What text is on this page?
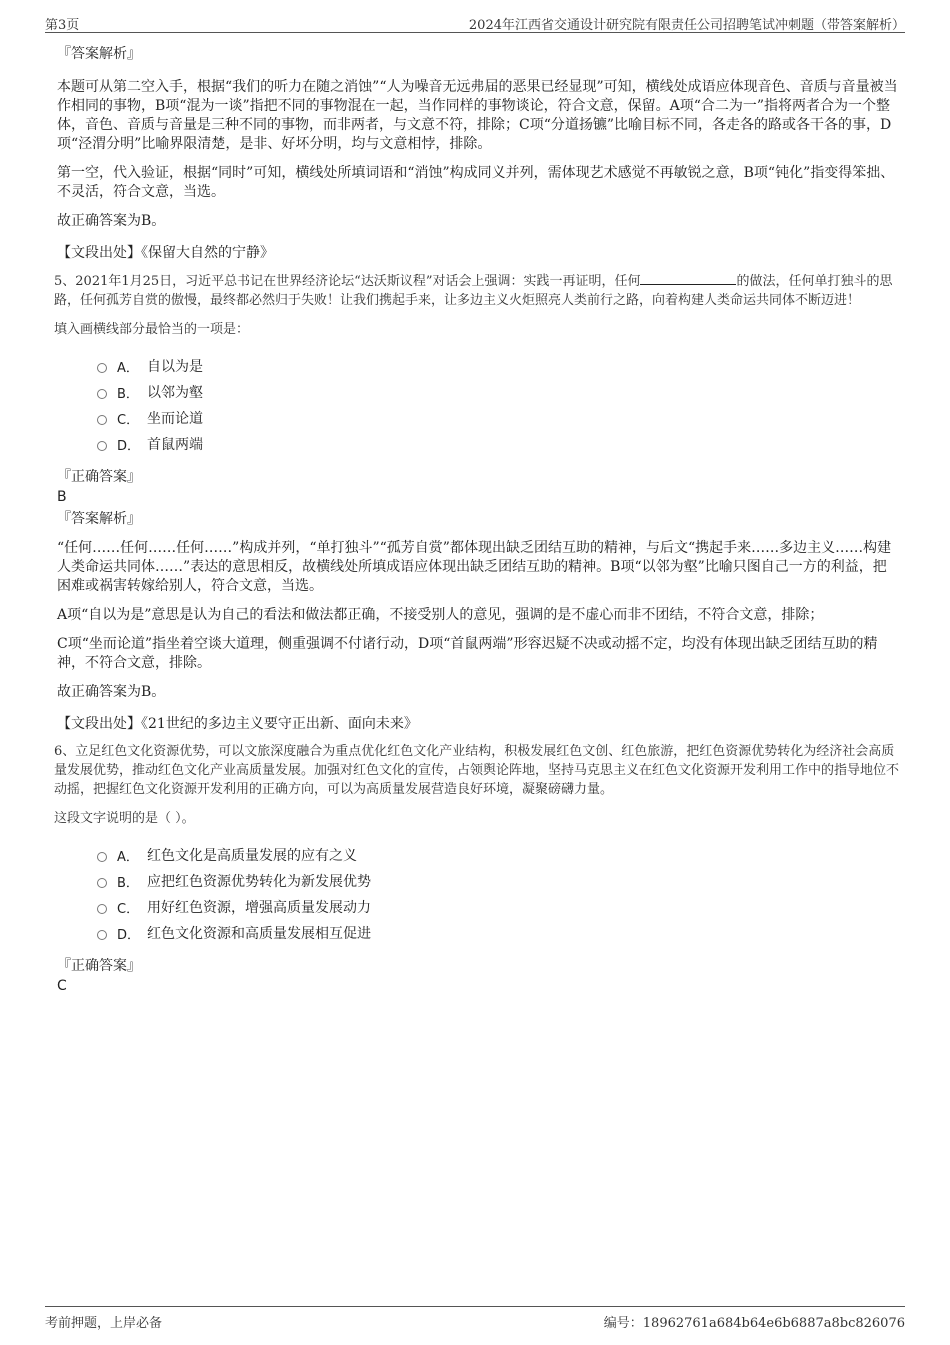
第3页	2024年江西省交通设计研究院有限责任公司招聘笔试冲刺题（带答案解析）

『答案解析』

本题可从第二空入手，根据“我们的听力在随之消蚀”“人为噪音无远弗届的恶果已经显现”可知，横线处成语应体现音色、音质与音量被当作相同的事物，B项“混为一谈”指把不同的事物混在一起，当作同样的事物谈论，符合文意，保留。A项“合二为一”指将两者合为一个整体，音色、音质与音量是三种不同的事物，而非两者，与文意不符，排除；C项“分道扬镳”比喻目标不同，各走各的路或各干各的事，D项“泾渭分明”比喻界限清楚，是非、好坏分明，均与文意相悖，排除。

第一空，代入验证，根据“同时”可知，横线处所填词语和“消蚀”构成同义并列，需体现艺术感觉不再敏锐之意，B项“钝化”指变得笨拙、不灵活，符合文意，当选。

故正确答案为B。

【文段出处】《保留大自然的宁静》

5、2021年1月25日，习近平总书记在世界经济论坛“达沃斯议程”对话会上强调：实践一再证明，任何	的做法，任何单打独斗的思路，任何孤芳自赏的傲慢，最终都必然归于失败！让我们携起手来，让多边主义火炬照亮人类前行之路，向着构建人类命运共同体不断迈进！

填入画横线部分最恰当的一项是：

A． 自以为是
B． 以邻为壑
C． 坐而论道
D． 首鼠两端

『正确答案』

B

『答案解析』

“任何……任何……任何……”构成并列，“单打独斗”“孤芳自赏”都体现出缺乏团结互助的精神，与后文“携起手来……多边主义……构建人类命运共同体……”表达的意思相反，故横线处所填成语应体现出缺乏团结互助的精神。B项“以邻为壑”比喻只图自己一方的利益，把困难或祸害转嫁给别人，符合文意，当选。

A项“自以为是”意思是认为自己的看法和做法都正确，不接受别人的意见，强调的是不虚心而非不团结，不符合文意，排除；

C项“坐而论道”指坐着空谈大道理，侧重强调不付诸行动，D项“首鼠两端”形容迟疑不决或动摇不定，均没有体现出缺乏团结互助的精神，不符合文意，排除。

故正确答案为B。

【文段出处】《21世纪的多边主义要守正出新、面向未来》

6、立足红色文化资源优势，可以文旅深度融合为重点优化红色文化产业结构，积极发展红色文创、红色旅游，把红色资源优势转化为经济社会高质量发展优势，推动红色文化产业高质量发展。加强对红色文化的宣传，占领舆论阵地，坚持马克思主义在红色文化资源开发利用工作中的指导地位不动摇，把握红色文化资源开发利用的正确方向，可以为高质量发展营造良好环境，凝聚磅礴力量。

这段文字说明的是（ ）。

A． 红色文化是高质量发展的应有之义
B． 应把红色资源优势转化为新发展优势
C． 用好红色资源，增强高质量发展动力
D． 红色文化资源和高质量发展相互促进

『正确答案』

C

考前押题，上岸必备	编号：18962761a684b64e6b6887a8bc826076
